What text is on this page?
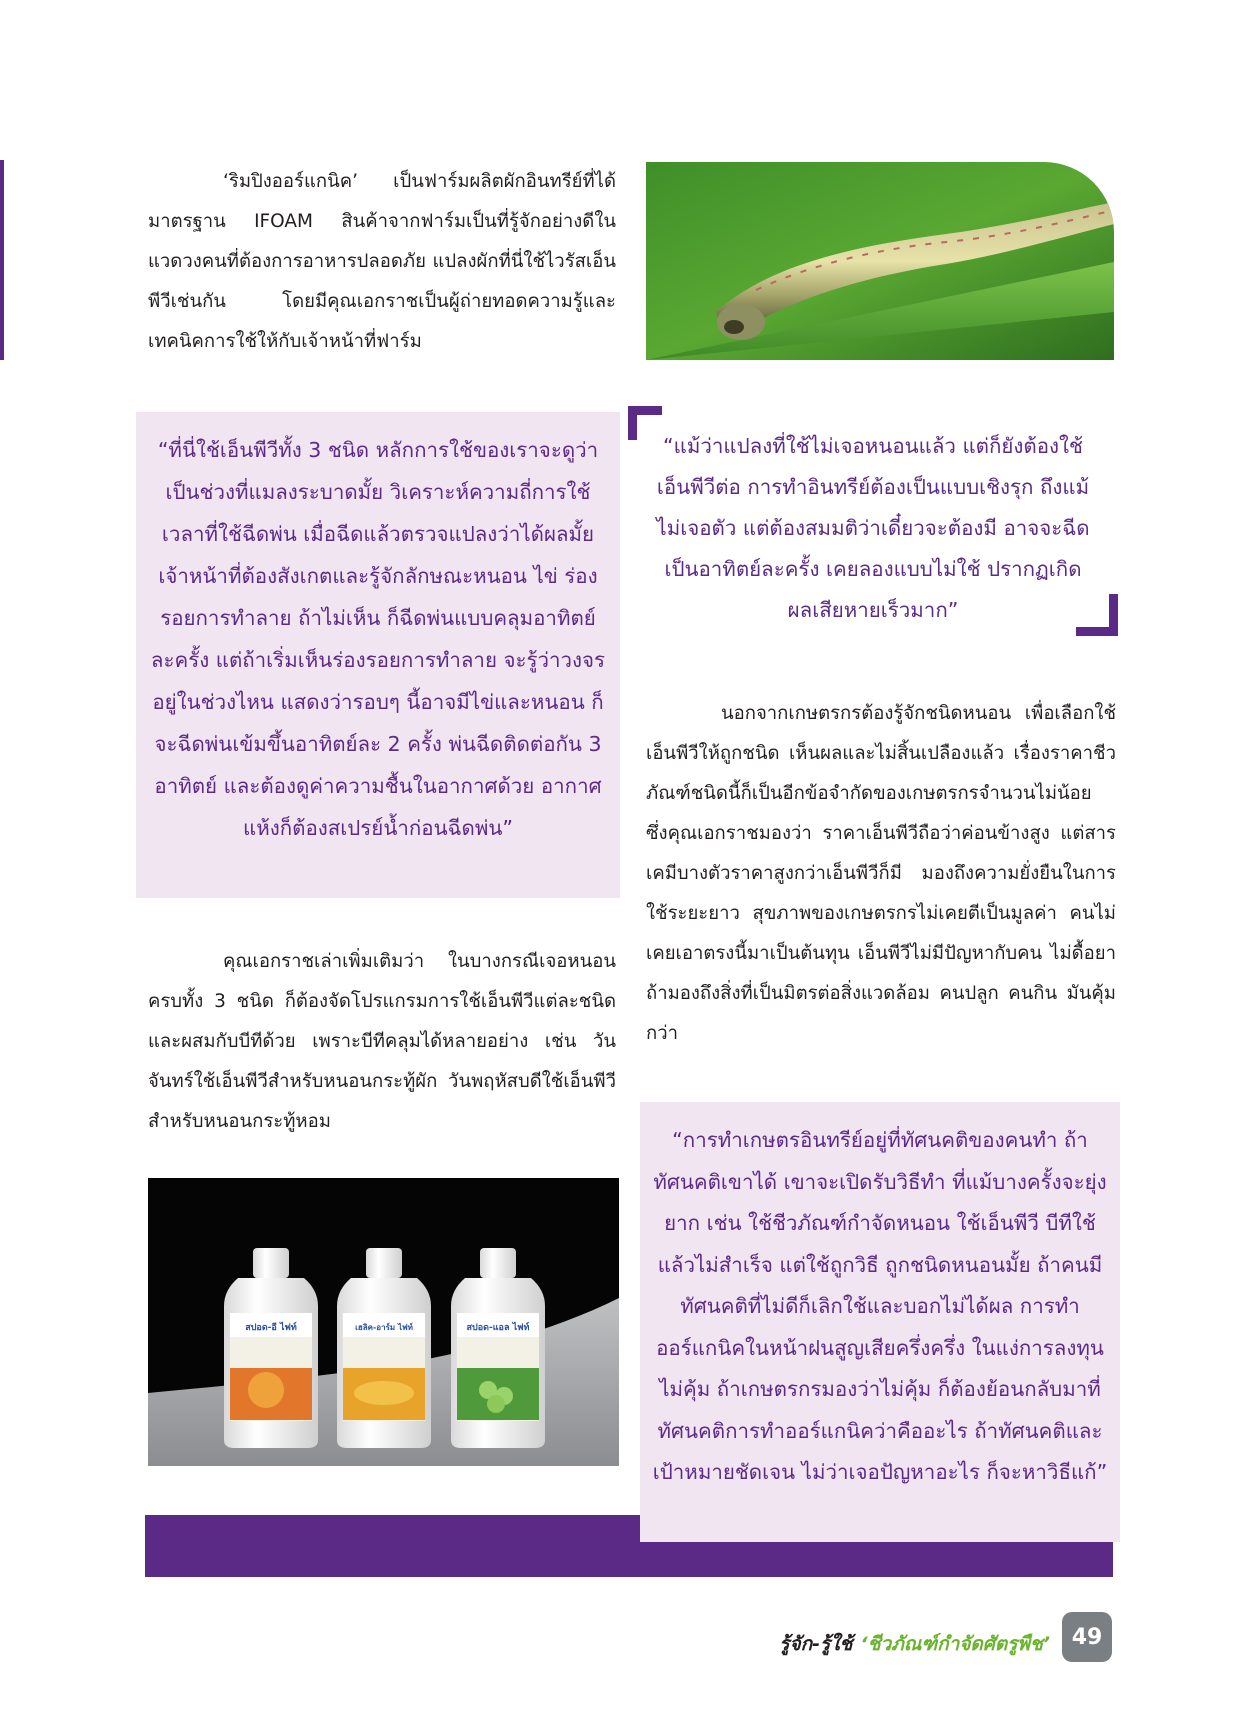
‘ริมปิงออร์แกนิค’ เป็นฟาร์มผลิตผักอินทรีย์ที่ได้มาตรฐาน IFOAM สินค้าจากฟาร์มเป็นที่รู้จักอย่างดีในแวดวงคนที่ต้องการอาหารปลอดภัย แปลงผักที่นี่ใช้ไวรัสเอ็นพีวีเช่นกัน โดยมีคุณเอกราชเป็นผู้ถ่ายทอดความรู้และเทคนิคการใช้ให้กับเจ้าหน้าที่ฟาร์ม

“ที่นี่ใช้เอ็นพีวีทั้ง 3 ชนิด หลักการใช้ของเราจะดูว่าเป็นช่วงที่แมลงระบาดมั้ย วิเคราะห์ความถี่การใช้ เวลาที่ใช้ฉีดพ่น เมื่อฉีดแล้วตรวจแปลงว่าได้ผลมั้ย เจ้าหน้าที่ต้องสังเกตและรู้จักลักษณะหนอน ไข่ ร่องรอยการทำลาย ถ้าไม่เห็น ก็ฉีดพ่นแบบคลุมอาทิตย์ละครั้ง แต่ถ้าเริ่มเห็นร่องรอยการทำลาย จะรู้ว่าวงจรอยู่ในช่วงไหน แสดงว่ารอบๆ นี้อาจมีไข่และหนอน ก็จะฉีดพ่นเข้มขึ้นอาทิตย์ละ 2 ครั้ง พ่นฉีดติดต่อกัน 3 อาทิตย์ และต้องดูค่าความชื้นในอากาศด้วย อากาศแห้งก็ต้องสเปรย์น้ำก่อนฉีดพ่น”

“แม้ว่าแปลงที่ใช้ไม่เจอหนอนแล้ว แต่ก็ยังต้องใช้เอ็นพีวีต่อ การทำอินทรีย์ต้องเป็นแบบเชิงรุก ถึงแม้ไม่เจอตัว แต่ต้องสมมติว่าเดี๋ยวจะต้องมี อาจจะฉีดเป็นอาทิตย์ละครั้ง เคยลองแบบไม่ใช้ ปรากฏเกิดผลเสียหายเร็วมาก”

นอกจากเกษตรกรต้องรู้จักชนิดหนอน เพื่อเลือกใช้เอ็นพีวีให้ถูกชนิด เห็นผลและไม่สิ้นเปลืองแล้ว เรื่องราคาชีวภัณฑ์ชนิดนี้ก็เป็นอีกข้อจำกัดของเกษตรกรจำนวนไม่น้อย ซึ่งคุณเอกราชมองว่า ราคาเอ็นพีวีถือว่าค่อนข้างสูง แต่สารเคมีบางตัวราคาสูงกว่าเอ็นพีวีก็มี มองถึงความยั่งยืนในการใช้ระยะยาว สุขภาพของเกษตรกรไม่เคยตีเป็นมูลค่า คนไม่เคยเอาตรงนี้มาเป็นต้นทุน เอ็นพีวีไม่มีปัญหากับคน ไม่ดื้อยา ถ้ามองถึงสิ่งที่เป็นมิตรต่อสิ่งแวดล้อม คนปลูก คนกิน มันคุ้มกว่า

คุณเอกราชเล่าเพิ่มเติมว่า ในบางกรณีเจอหนอนครบทั้ง 3 ชนิด ก็ต้องจัดโปรแกรมการใช้เอ็นพีวีแต่ละชนิดและผสมกับบีทีด้วย เพราะบีทีคลุมได้หลายอย่าง เช่น วันจันทร์ใช้เอ็นพีวีสำหรับหนอนกระทู้ผัก วันพฤหัสบดีใช้เอ็นพีวีสำหรับหนอนกระทู้หอม

สปอด-อี ไฟท์	เฮลิค-อาร์ม ไฟท์	สปอด-แอล ไฟท์

“การทำเกษตรอินทรีย์อยู่ที่ทัศนคติของคนทำ ถ้าทัศนคติเขาได้ เขาจะเปิดรับวิธีทำ ที่แม้บางครั้งจะยุ่งยาก เช่น ใช้ชีวภัณฑ์กำจัดหนอน ใช้เอ็นพีวี บีทีใช้แล้วไม่สำเร็จ แต่ใช้ถูกวิธี ถูกชนิดหนอนมั้ย ถ้าคนมีทัศนคติที่ไม่ดีก็เลิกใช้และบอกไม่ได้ผล การทำออร์แกนิคในหน้าฝนสูญเสียครึ่งครึ่ง ในแง่การลงทุนไม่คุ้ม ถ้าเกษตรกรมองว่าไม่คุ้ม ก็ต้องย้อนกลับมาที่ทัศนคติการทำออร์แกนิคว่าคืออะไร ถ้าทัศนคติและเป้าหมายชัดเจน ไม่ว่าเจอปัญหาอะไร ก็จะหาวิธีแก้”

รู้จัก-รู้ใช้ ‘ชีวภัณฑ์กำจัดศัตรูพืช’ 49
